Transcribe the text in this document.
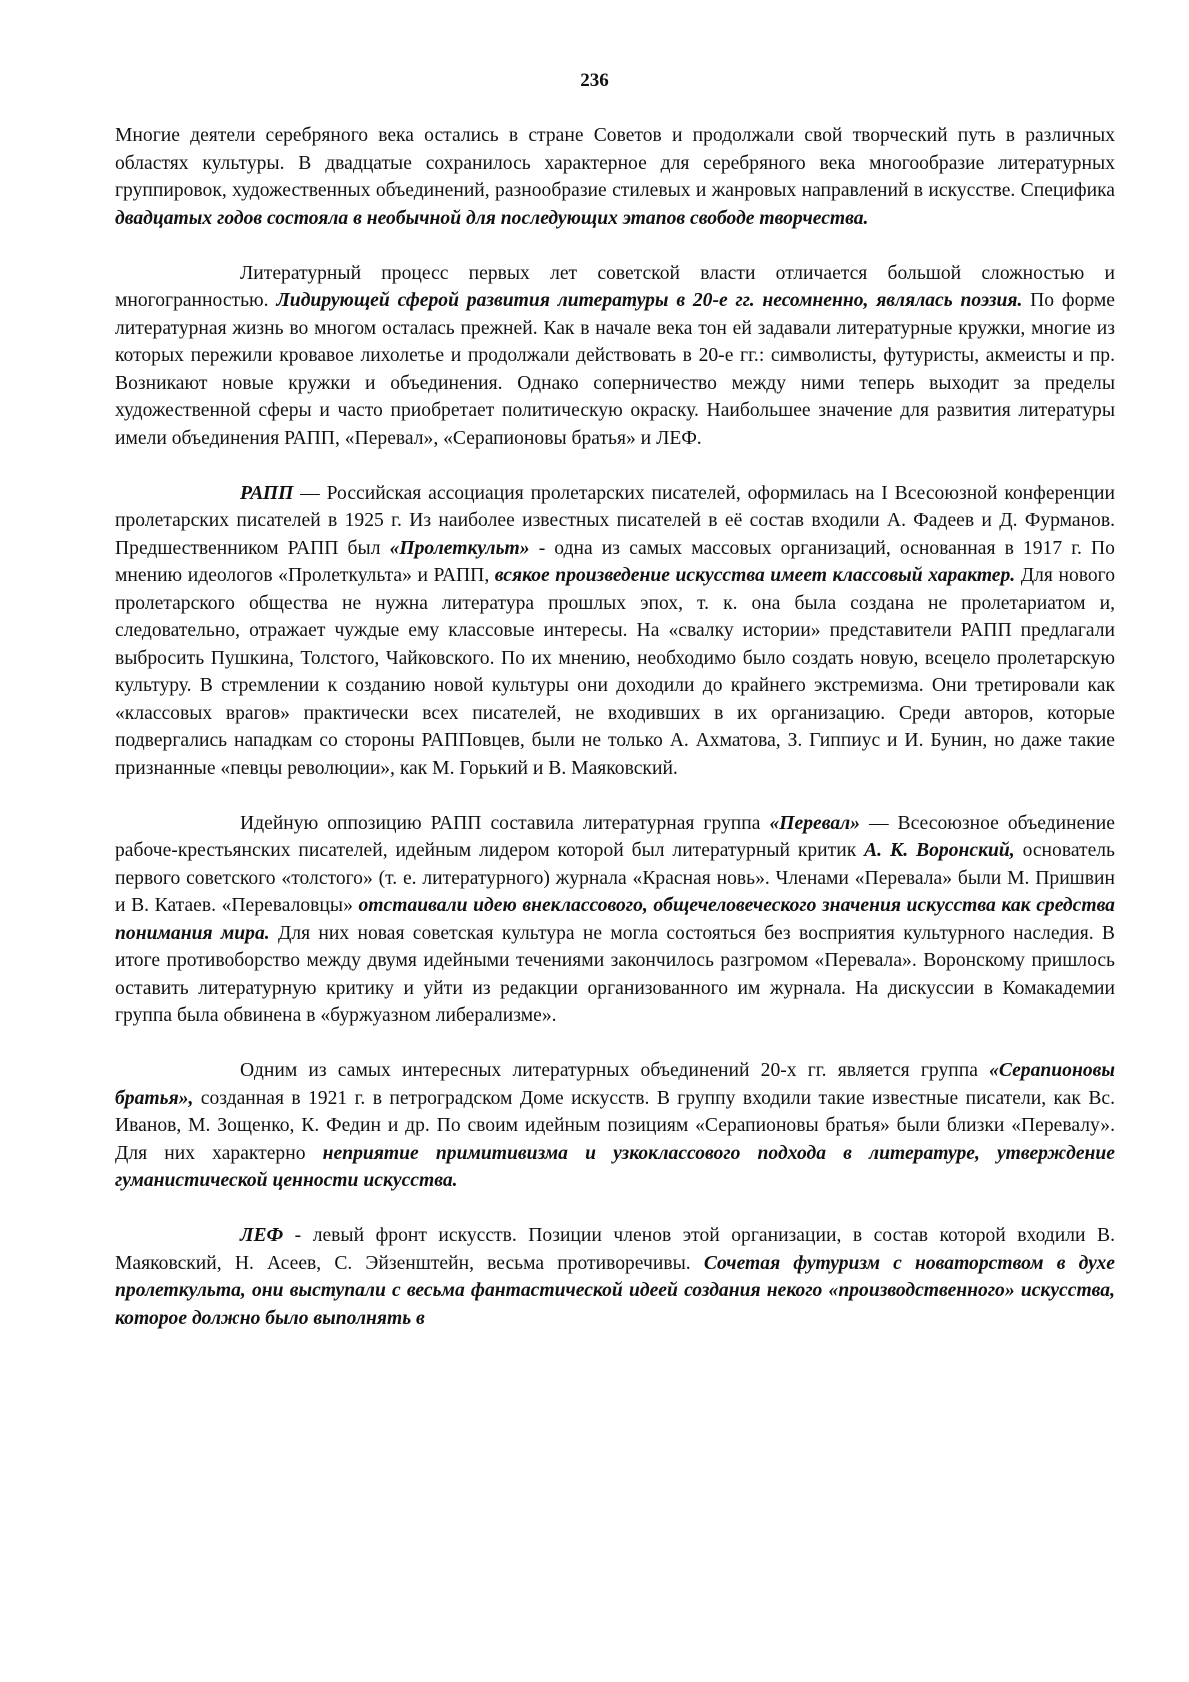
236

Многие деятели серебряного века остались в стране Советов и продолжали свой творческий путь в различных областях культуры. В двадцатые сохранилось характерное для серебряного века многообразие литературных группировок, художественных объединений, разнообразие стилевых и жанровых направлений в искусстве. Специфика двадцатых годов состояла в необычной для последующих этапов свободе творчества.

Литературный процесс первых лет советской власти отличается большой сложностью и многогранностью. Лидирующей сферой развития литературы в 20-е гг. несомненно, являлась поэзия. По форме литературная жизнь во многом осталась прежней. Как в начале века тон ей задавали литературные кружки, многие из которых пережили кровавое лихолетье и продолжали действовать в 20-е гг.: символисты, футуристы, акмеисты и пр. Возникают новые кружки и объединения. Однако соперничество между ними теперь выходит за пределы художественной сферы и часто приобретает политическую окраску. Наибольшее значение для развития литературы имели объединения РАПП, «Перевал», «Серапионовы братья» и ЛЕФ.

РАПП — Российская ассоциация пролетарских писателей, оформилась на I Всесоюзной конференции пролетарских писателей в 1925 г. Из наиболее известных писателей в её состав входили А. Фадеев и Д. Фурманов. Предшественником РАПП был «Пролеткульт» - одна из самых массовых организаций, основанная в 1917 г. По мнению идеологов «Пролеткульта» и РАПП, всякое произведение искусства имеет классовый характер. Для нового пролетарского общества не нужна литература прошлых эпох, т. к. она была создана не пролетариатом и, следовательно, отражает чуждые ему классовые интересы. На «свалку истории» представители РАПП предлагали выбросить Пушкина, Толстого, Чайковского. По их мнению, необходимо было создать новую, всецело пролетарскую культуру. В стремлении к созданию новой культуры они доходили до крайнего экстремизма. Они третировали как «классовых врагов» практически всех писателей, не входивших в их организацию. Среди авторов, которые подвергались нападкам со стороны РАППовцев, были не только А. Ахматова, З. Гиппиус и И. Бунин, но даже такие признанные «певцы революции», как М. Горький и В. Маяковский.

Идейную оппозицию РАПП составила литературная группа «Перевал» — Всесоюзное объединение рабоче-крестьянских писателей, идейным лидером которой был литературный критик А. К. Воронский, основатель первого советского «толстого» (т. е. литературного) журнала «Красная новь». Членами «Перевала» были М. Пришвин и В. Катаев. «Переваловцы» отстаивали идею внеклассового, общечеловеческого значения искусства как средства понимания мира. Для них новая советская культура не могла состояться без восприятия культурного наследия. В итоге противоборство между двумя идейными течениями закончилось разгромом «Перевала». Воронскому пришлось оставить литературную критику и уйти из редакции организованного им журнала. На дискуссии в Комакадемии группа была обвинена в «буржуазном либерализме».

Одним из самых интересных литературных объединений 20-х гг. является группа «Серапионовы братья», созданная в 1921 г. в петроградском Доме искусств. В группу входили такие известные писатели, как Вс. Иванов, М. Зощенко, К. Федин и др. По своим идейным позициям «Серапионовы братья» были близки «Перевалу». Для них характерно неприятие примитивизма и узкоклассового подхода в литературе, утверждение гуманистической ценности искусства.

ЛЕФ - левый фронт искусств. Позиции членов этой организации, в состав которой входили В. Маяковский, Н. Асеев, С. Эйзенштейн, весьма противоречивы. Сочетая футуризм с новаторством в духе пролеткульта, они выступали с весьма фантастической идеей создания некого «производственного» искусства, которое должно было выполнять в
